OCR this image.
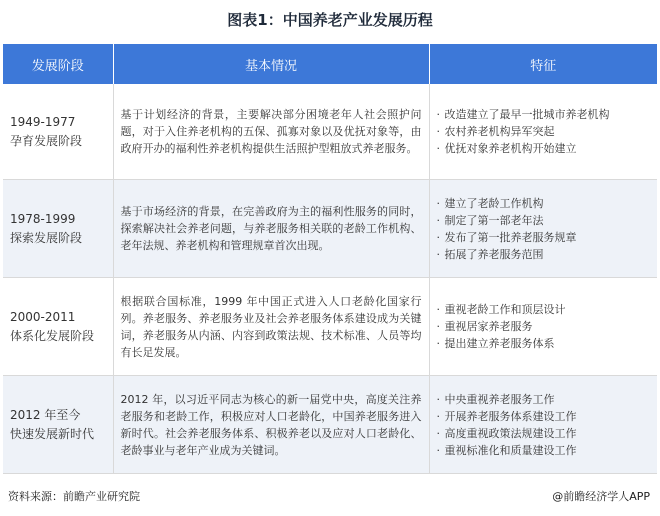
图表1：中国养老产业发展历程
发展阶段	基本情况	特征

1949-1977
孕育发展阶段	基于计划经济的背景，主要解决部分困境老年人社会照护问题，对于入住养老机构的五保、孤寡对象以及优抚对象等，由政府开办的福利性养老机构提供生活照护型粗放式养老服务。	· 改造建立了最早一批城市养老机构
· 农村养老机构异军突起
· 优抚对象养老机构开始建立

1978-1999
探索发展阶段	基于市场经济的背景，在完善政府为主的福利性服务的同时，探索解决社会养老问题，与养老服务相关联的老龄工作机构、老年法规、养老机构和管理规章首次出现。	· 建立了老龄工作机构
· 制定了第一部老年法
· 发布了第一批养老服务规章
· 拓展了养老服务范围

2000-2011
体系化发展阶段	根据联合国标准，1999 年中国正式进入人口老龄化国家行列。养老服务、养老服务业及社会养老服务体系建设成为关键词，养老服务从内涵、内容到政策法规、技术标准、人员等均有长足发展。	· 重视老龄工作和顶层设计
· 重视居家养老服务
· 提出建立养老服务体系

2012 年至今
快速发展新时代	2012 年，以习近平同志为核心的新一届党中央，高度关注养老服务和老龄工作，积极应对人口老龄化，中国养老服务进入新时代。社会养老服务体系、积极养老以及应对人口老龄化、老龄事业与老年产业成为关键词。	· 中央重视养老服务工作
· 开展养老服务体系建设工作
· 高度重视政策法规建设工作
· 重视标准化和质量建设工作
资料来源：前瞻产业研究院	@前瞻经济学人APP
